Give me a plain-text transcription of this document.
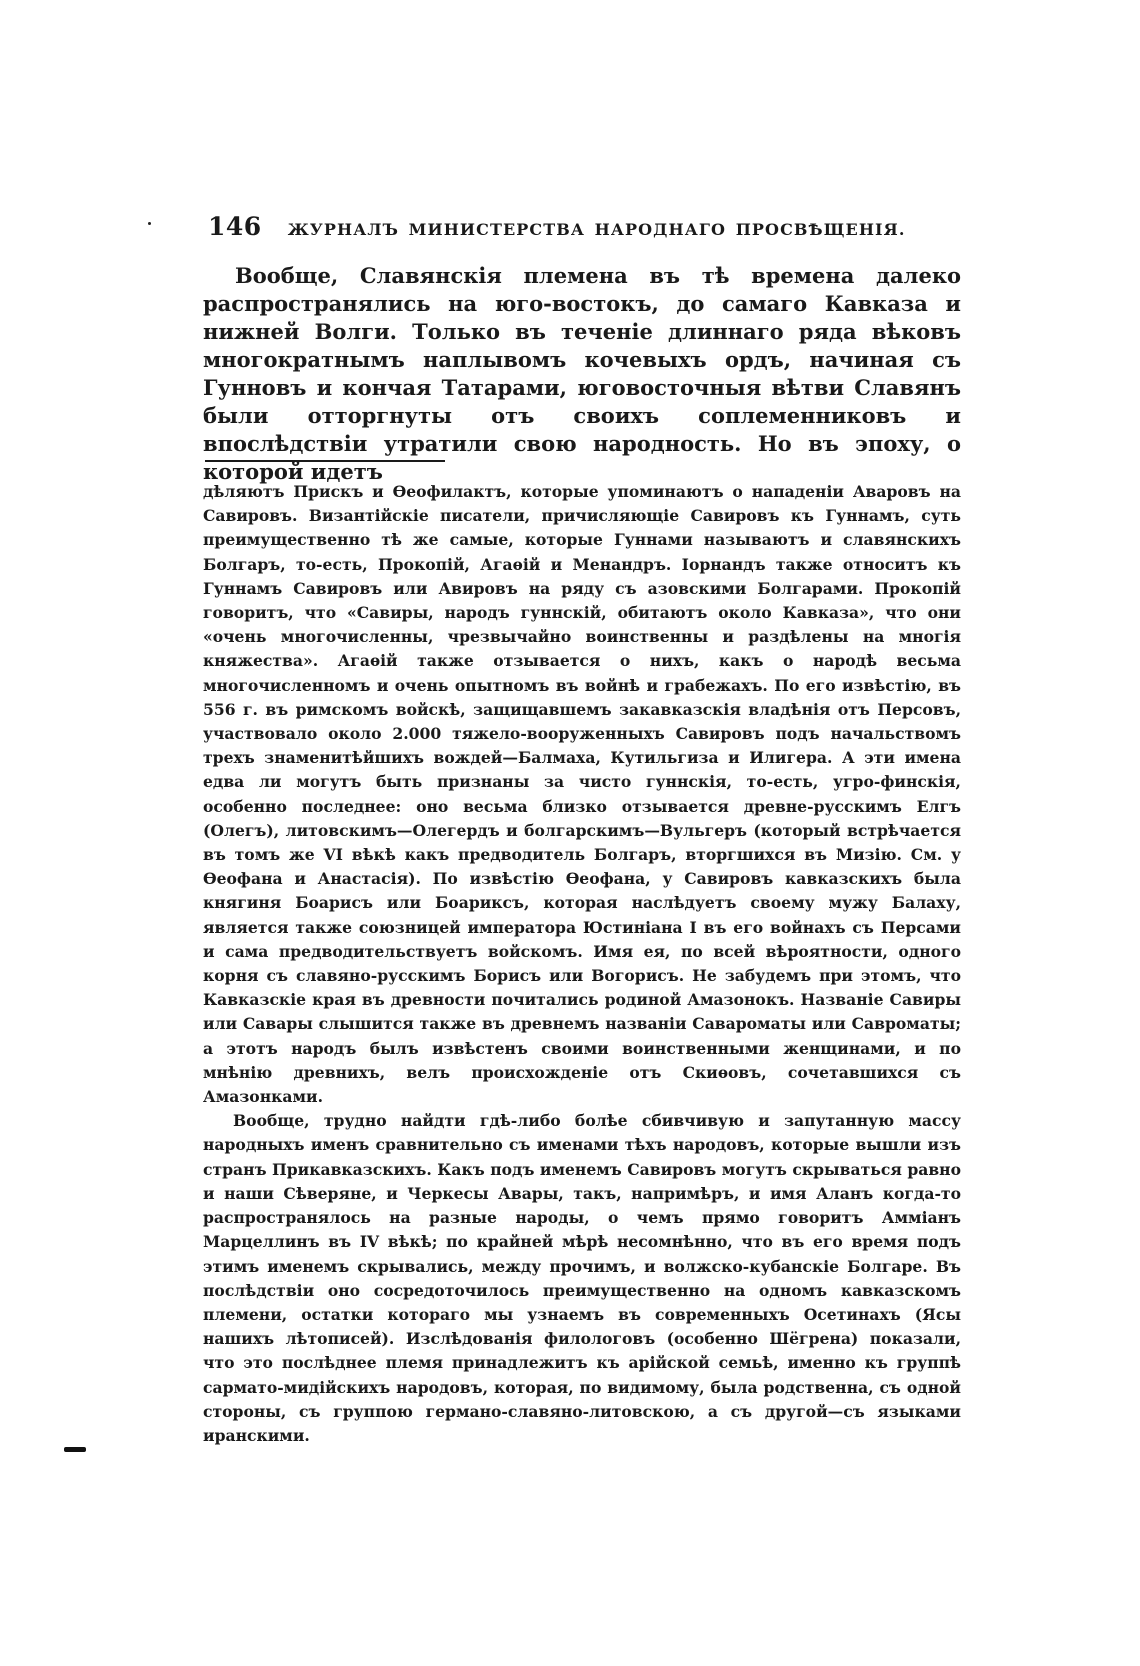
146 ЖУРНАЛЪ МИНИСТЕРСТВА НАРОДНАГО ПРОСВѢЩЕНІЯ.

Вообще, Славянскія племена въ тѣ времена далеко распространялись на юго-востокъ, до самаго Кавказа и нижней Волги. Только въ теченіе длиннаго ряда вѣковъ многократнымъ наплывомъ кочевыхъ ордъ, начиная съ Гунновъ и кончая Татарами, юговосточныя вѣтви Славянъ были отторгнуты отъ своихъ соплеменниковъ и впослѣдствіи утратили свою народность. Но въ эпоху, о которой идетъ

дѣляютъ Прискъ и Ѳеофилактъ, которые упоминаютъ о нападеніи Аваровъ на Савировъ. Византійскіе писатели, причисляющіе Савировъ къ Гуннамъ, суть преимущественно тѣ же самые, которые Гуннами называютъ и славянскихъ Болгаръ, то-есть, Прокопій, Агаѳій и Менандръ. Іорнандъ также относитъ къ Гуннамъ Савировъ или Авировъ на ряду съ азовскими Болгарами. Прокопій говоритъ, что «Савиры, народъ гуннскій, обитаютъ около Кавказа», что они «очень многочисленны, чрезвычайно воинственны и раздѣлены на многія княжества». Агаѳій также отзывается о нихъ, какъ о народѣ весьма многочисленномъ и очень опытномъ въ войнѣ и грабежахъ. По его извѣстію, въ 556 г. въ римскомъ войскѣ, защищавшемъ закавказскія владѣнія отъ Персовъ, участвовало около 2.000 тяжело-вооруженныхъ Савировъ подъ начальствомъ трехъ знаменитѣйшихъ вождей—Балмаха, Кутильгиза и Илигера. А эти имена едва ли могутъ быть признаны за чисто гуннскія, то-есть, угро-финскія, особенно последнее: оно весьма близко отзывается древне-русскимъ Елгъ (Олегъ), литовскимъ—Олегердъ и болгарскимъ—Вульгеръ (который встрѣчается въ томъ же VI вѣкѣ какъ предводитель Болгаръ, вторгшихся въ Мизію. См. у Ѳеофана и Анастасія). По извѣстію Ѳеофана, у Савировъ кавказскихъ была княгиня Боарисъ или Боариксъ, которая наслѣдуетъ своему мужу Балаху, является также союзницей императора Юстиніана I въ его войнахъ съ Персами и сама предводительствуетъ войскомъ. Имя ея, по всей вѣроятности, одного корня съ славяно-русскимъ Борисъ или Вогорисъ. Не забудемъ при этомъ, что Кавказскіе края въ древности почитались родиной Амазонокъ. Названіе Савиры или Савары слышится также въ древнемъ названіи Савароматы или Савроматы; а этотъ народъ былъ извѣстенъ своими воинственными женщинами, и по мнѣнію древнихъ, велъ происхожденіе отъ Скиѳовъ, сочетавшихся съ Амазонками.

Вообще, трудно найдти гдѣ-либо болѣе сбивчивую и запутанную массу народныхъ именъ сравнительно съ именами тѣхъ народовъ, которые вышли изъ странъ Прикавказскихъ. Какъ подъ именемъ Савировъ могутъ скрываться равно и наши Сѣверяне, и Черкесы Авары, такъ, напримѣръ, и имя Аланъ когда-то распространялось на разные народы, о чемъ прямо говоритъ Амміанъ Марцеллинъ въ IV вѣкѣ; по крайней мѣрѣ несомнѣнно, что въ его время подъ этимъ именемъ скрывались, между прочимъ, и волжско-кубанскіе Болгаре. Въ послѣдствіи оно сосредоточилось преимущественно на одномъ кавказскомъ племени, остатки котораго мы узнаемъ въ современныхъ Осетинахъ (Ясы нашихъ лѣтописей). Изслѣдованія филологовъ (особенно Шёгрена) показали, что это послѣднее племя принадлежитъ къ арійской семьѣ, именно къ группѣ сармато-мидійскихъ народовъ, которая, по видимому, была родственна, съ одной стороны, съ группою германо-славяно-литовскою, а съ другой—съ языками иранскими.
